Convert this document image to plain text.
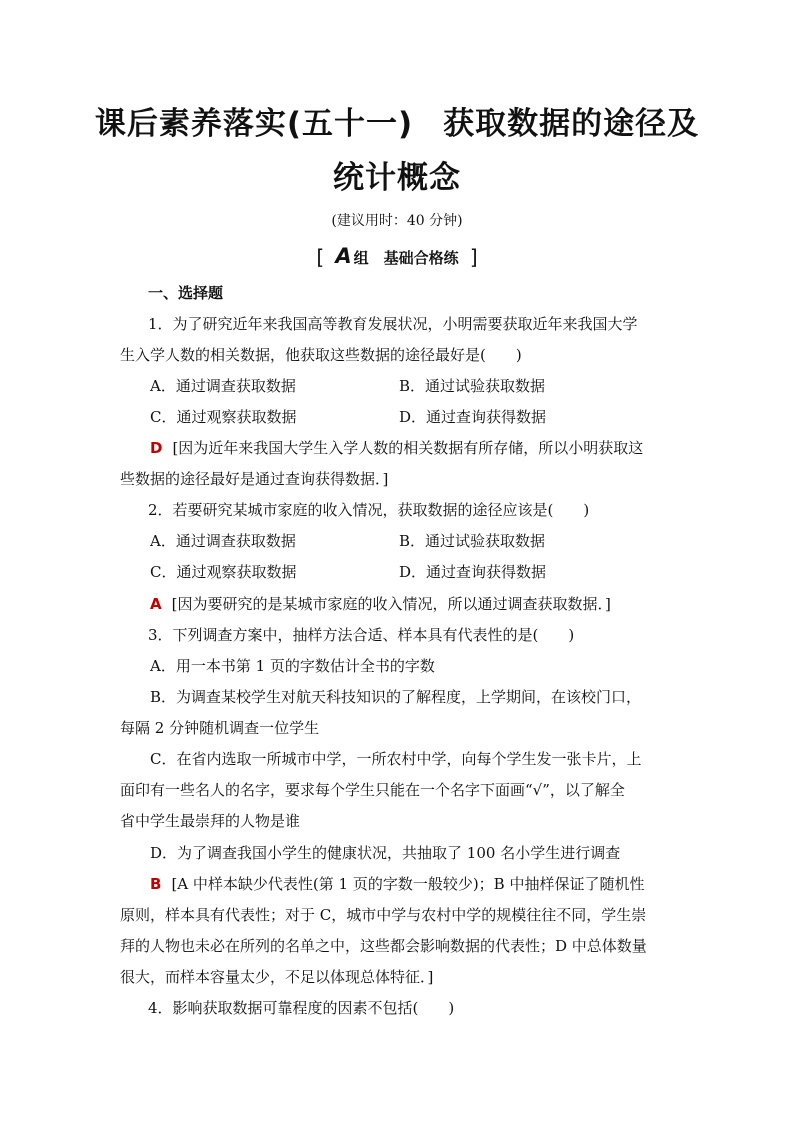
课后素养落实(五十一) 获取数据的途径及
统计概念
(建议用时：40 分钟)
[ A 组　基础合格练 ]
一、选择题
1．为了研究近年来我国高等教育发展状况，小明需要获取近年来我国大学
生入学人数的相关数据，他获取这些数据的途径最好是(　　)
A．通过调查获取数据	B．通过试验获取数据
C．通过观察获取数据	D．通过查询获得数据
D [因为近年来我国大学生入学人数的相关数据有所存储，所以小明获取这
些数据的途径最好是通过查询获得数据．]
2．若要研究某城市家庭的收入情况，获取数据的途径应该是(　　)
A．通过调查获取数据	B．通过试验获取数据
C．通过观察获取数据	D．通过查询获得数据
A [因为要研究的是某城市家庭的收入情况，所以通过调查获取数据．]
3．下列调查方案中，抽样方法合适、样本具有代表性的是(　　)
A．用一本书第 1 页的字数估计全书的字数
B．为调查某校学生对航天科技知识的了解程度，上学期间，在该校门口，
每隔 2 分钟随机调查一位学生
C．在省内选取一所城市中学，一所农村中学，向每个学生发一张卡片，上
面印有一些名人的名字，要求每个学生只能在一个名字下面画“√”，以了解全
省中学生最崇拜的人物是谁
D．为了调查我国小学生的健康状况，共抽取了 100 名小学生进行调查
B [A 中样本缺少代表性(第 1 页的字数一般较少)；B 中抽样保证了随机性
原则，样本具有代表性；对于 C，城市中学与农村中学的规模往往不同，学生崇
拜的人物也未必在所列的名单之中，这些都会影响数据的代表性；D 中总体数量
很大，而样本容量太少，不足以体现总体特征．]
4．影响获取数据可靠程度的因素不包括(　　)
